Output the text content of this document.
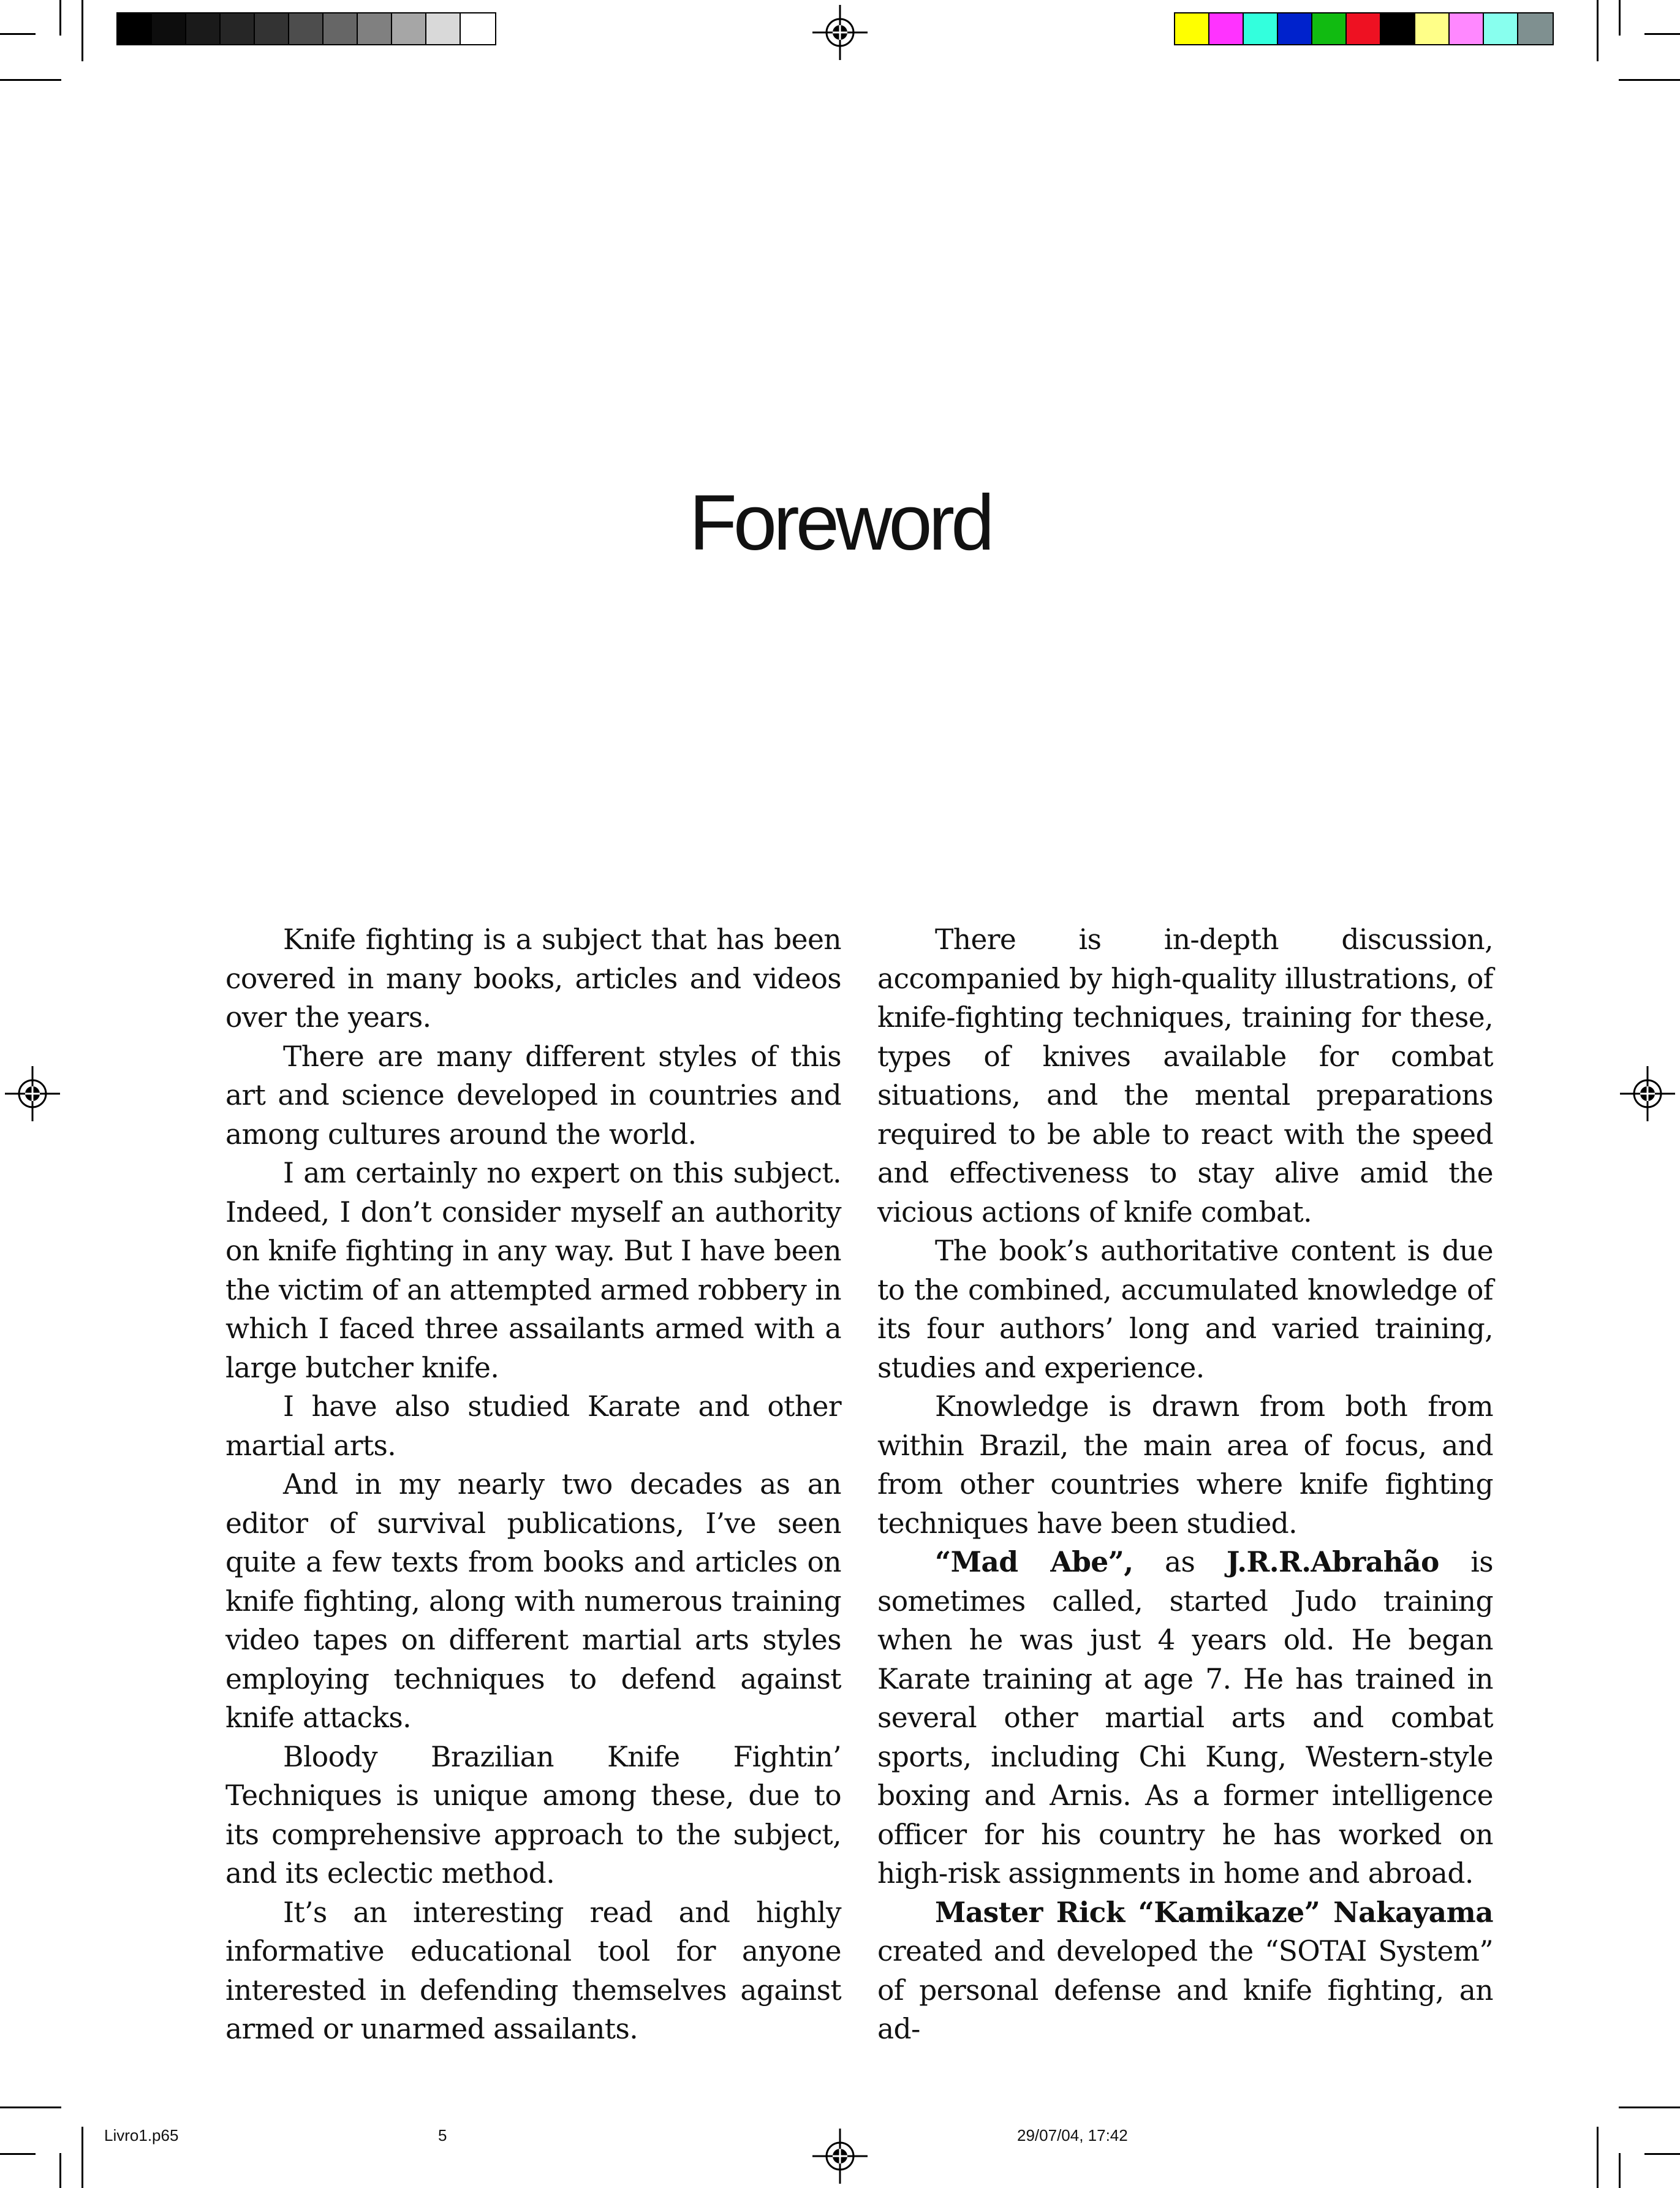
Foreword

Knife fighting is a subject that has been covered in many books, articles and videos over the years.

There are many different styles of this art and science developed in countries and among cultures around the world.

I am certainly no expert on this subject. Indeed, I don’t consider myself an authority on knife fighting in any way. But I have been the victim of an attempted armed robbery in which I faced three assailants armed with a large butcher knife.

I have also studied Karate and other martial arts.

And in my nearly two decades as an editor of survival publications, I’ve seen quite a few texts from books and articles on knife fighting, along with numerous training video tapes on different martial arts styles employing techniques to defend against knife attacks.

Bloody Brazilian Knife Fightin’ Techniques is unique among these, due to its comprehensive approach to the subject, and its eclectic method.

It’s an interesting read and highly informative educational tool for anyone interested in defending themselves against armed or unarmed assailants.

There is in-depth discussion, accompanied by high-quality illustrations, of knife-fighting techniques, training for these, types of knives available for combat situations, and the mental preparations required to be able to react with the speed and effectiveness to stay alive amid the vicious actions of knife combat.

The book’s authoritative content is due to the combined, accumulated knowledge of its four authors’ long and varied training, studies and experience.

Knowledge is drawn from both from within Brazil, the main area of focus, and from other countries where knife fighting techniques have been studied.

“Mad Abe”, as J.R.R.Abrahão is sometimes called, started Judo training when he was just 4 years old. He began Karate training at age 7. He has trained in several other martial arts and combat sports, including Chi Kung, Western-style boxing and Arnis. As a former intelligence officer for his country he has worked on high-risk assignments in home and abroad.

Master Rick “Kamikaze” Nakayama created and developed the “SOTAI System” of personal defense and knife fighting, an ad-

Livro1.p65	5	29/07/04, 17:42
